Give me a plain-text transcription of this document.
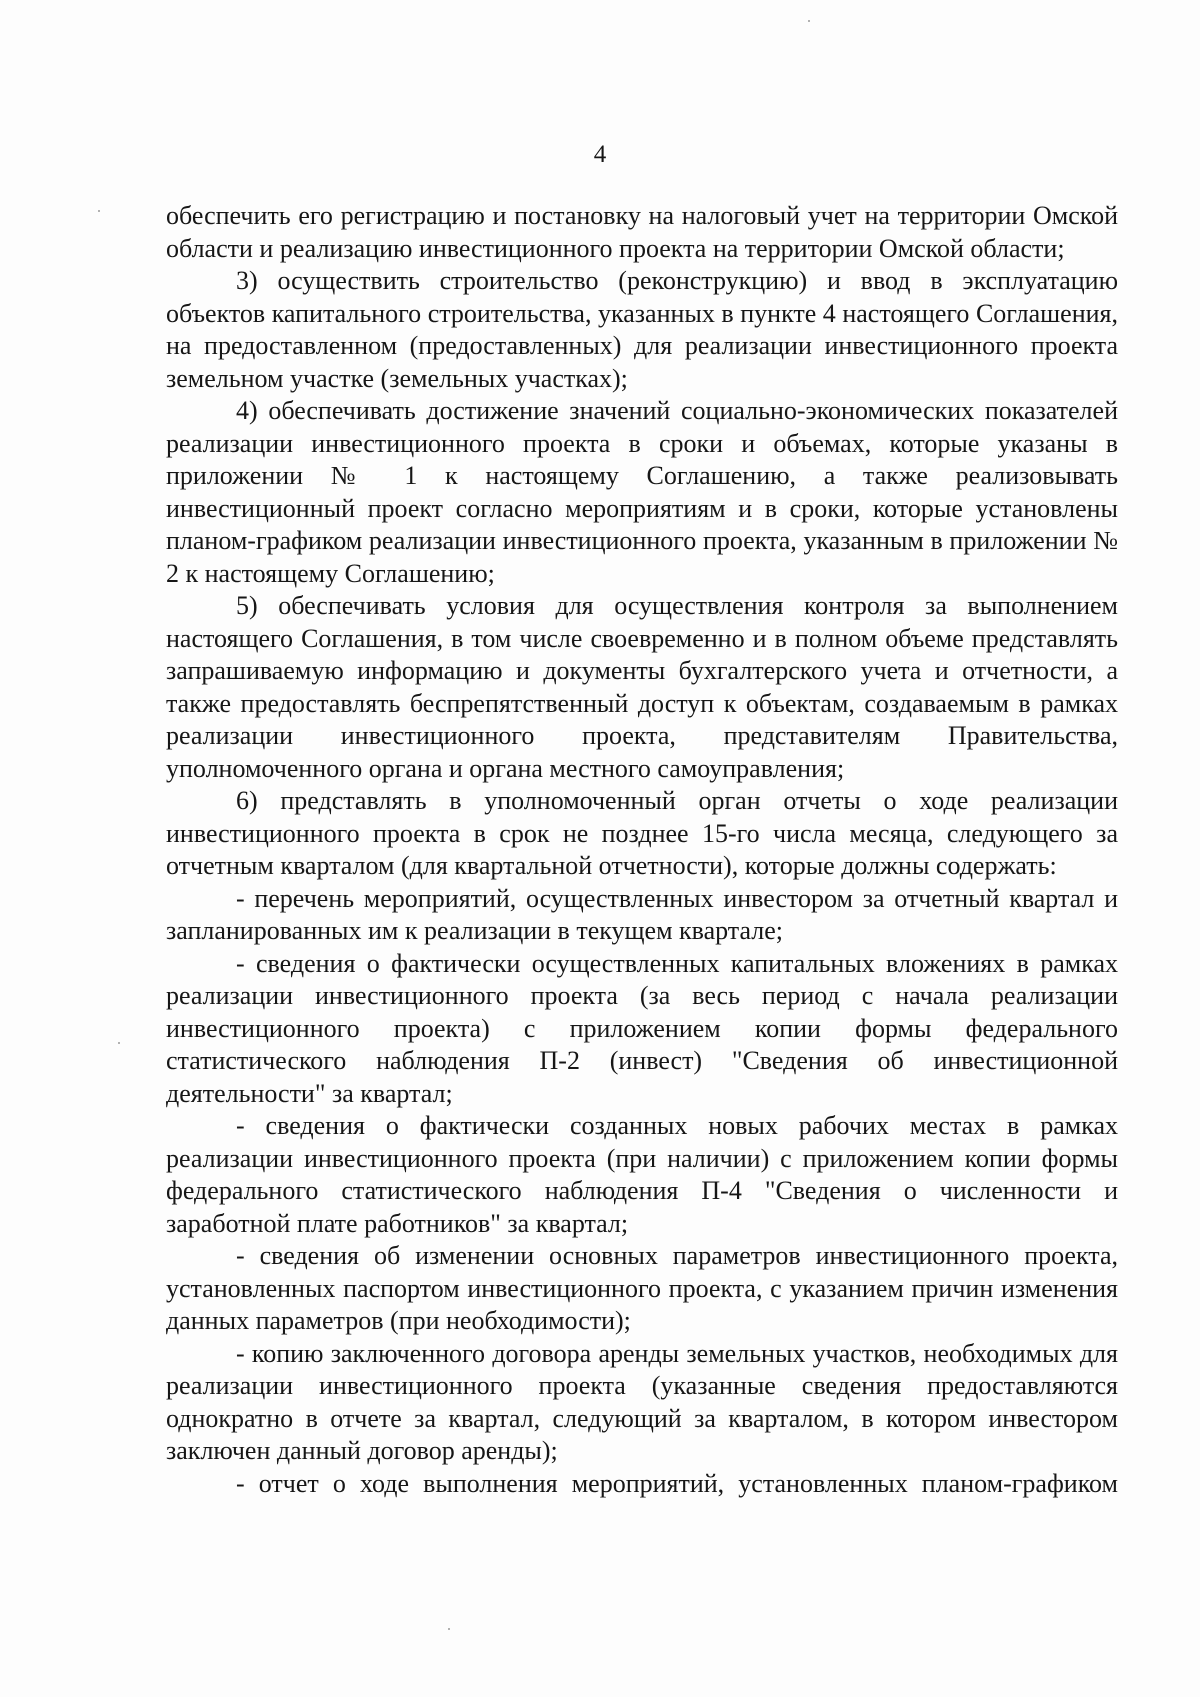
4

обеспечить его регистрацию и постановку на налоговый учет на территории Омской области и реализацию инвестиционного проекта на территории Омской области;

3) осуществить строительство (реконструкцию) и ввод в эксплуатацию объектов капитального строительства, указанных в пункте 4 настоящего Соглашения, на предоставленном (предоставленных) для реализации инвестиционного проекта земельном участке (земельных участках);

4) обеспечивать достижение значений социально-экономических показателей реализации инвестиционного проекта в сроки и объемах, которые указаны в приложении № 1 к настоящему Соглашению, а также реализовывать инвестиционный проект согласно мероприятиям и в сроки, которые установлены планом-графиком реализации инвестиционного проекта, указанным в приложении № 2 к настоящему Соглашению;

5) обеспечивать условия для осуществления контроля за выполнением настоящего Соглашения, в том числе своевременно и в полном объеме представлять запрашиваемую информацию и документы бухгалтерского учета и отчетности, а также предоставлять беспрепятственный доступ к объектам, создаваемым в рамках реализации инвестиционного проекта, представителям Правительства, уполномоченного органа и органа местного самоуправления;

6) представлять в уполномоченный орган отчеты о ходе реализации инвестиционного проекта в срок не позднее 15-го числа месяца, следующего за отчетным кварталом (для квартальной отчетности), которые должны содержать:

- перечень мероприятий, осуществленных инвестором за отчетный квартал и запланированных им к реализации в текущем квартале;

- сведения о фактически осуществленных капитальных вложениях в рамках реализации инвестиционного проекта (за весь период с начала реализации инвестиционного проекта) с приложением копии формы федерального статистического наблюдения П-2 (инвест) "Сведения об инвестиционной деятельности" за квартал;

- сведения о фактически созданных новых рабочих местах в рамках реализации инвестиционного проекта (при наличии) с приложением копии формы федерального статистического наблюдения П-4 "Сведения о численности и заработной плате работников" за квартал;

- сведения об изменении основных параметров инвестиционного проекта, установленных паспортом инвестиционного проекта, с указанием причин изменения данных параметров (при необходимости);

- копию заключенного договора аренды земельных участков, необходимых для реализации инвестиционного проекта (указанные сведения предоставляются однократно в отчете за квартал, следующий за кварталом, в котором инвестором заключен данный договор аренды);

- отчет о ходе выполнения мероприятий, установленных планом-графиком
